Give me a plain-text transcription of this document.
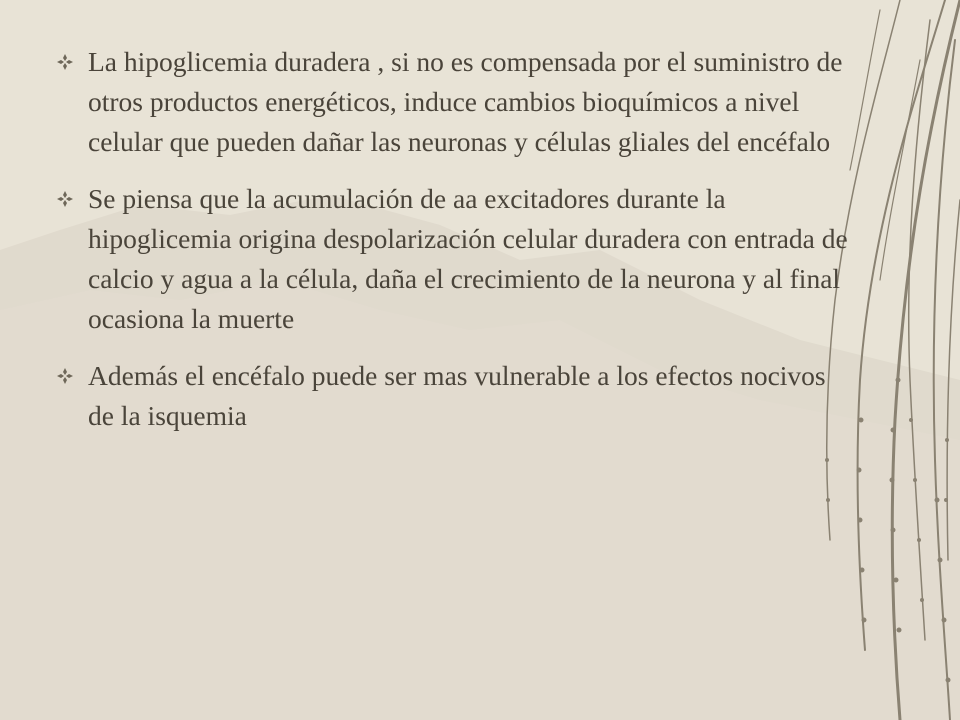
La hipoglicemia duradera , si no es compensada por el suministro de otros productos energéticos, induce cambios bioquímicos a nivel celular que pueden dañar las neuronas y células gliales del encéfalo
Se piensa que la acumulación de aa excitadores durante la hipoglicemia origina despolarización celular duradera con entrada de calcio y agua a la célula, daña el crecimiento de la neurona y al final ocasiona la muerte
Además el encéfalo puede ser mas vulnerable a los efectos nocivos de la isquemia
